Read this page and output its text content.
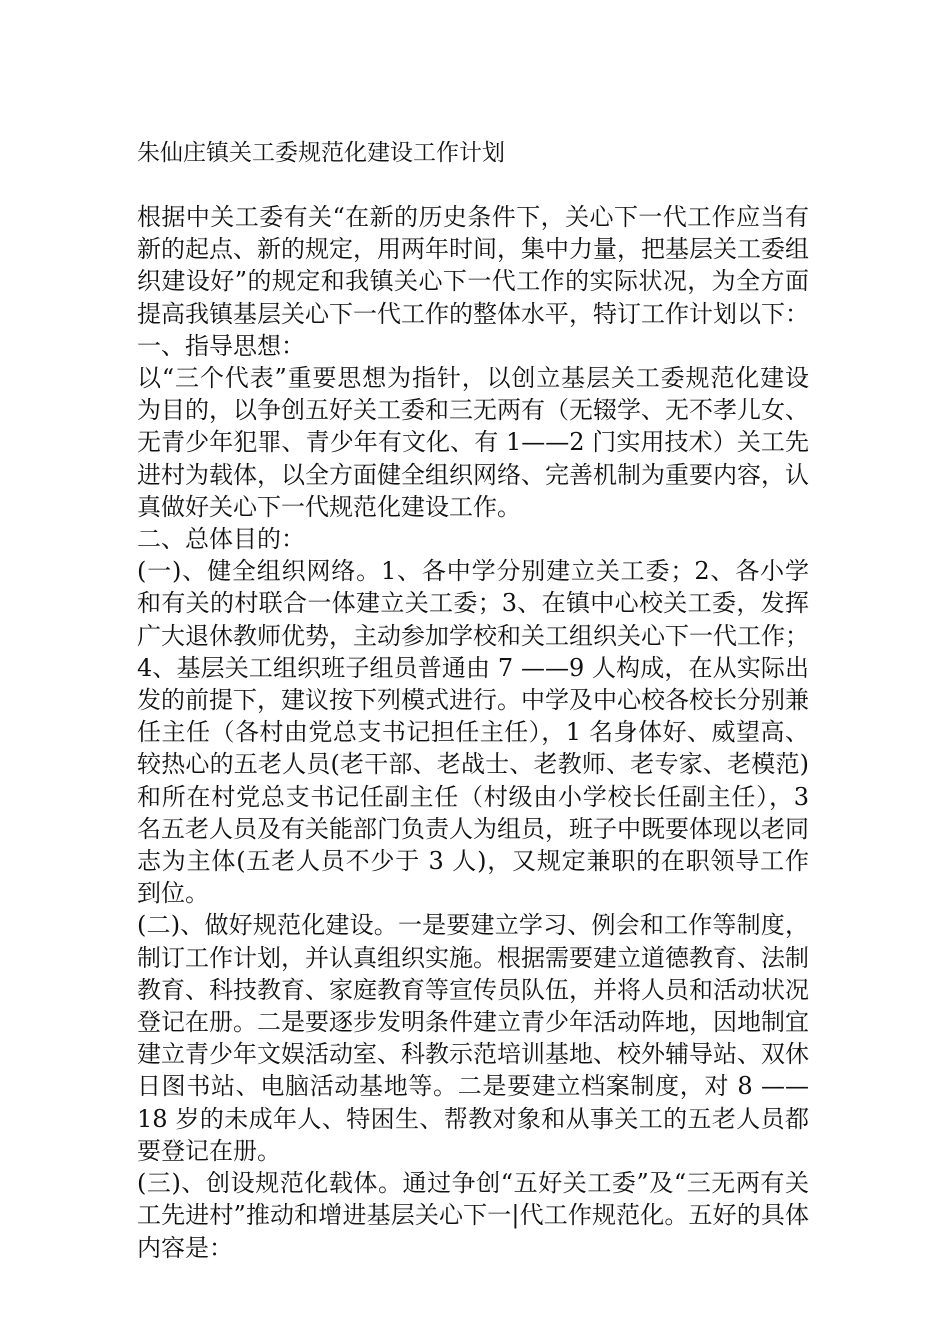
朱仙庄镇关工委规范化建设工作计划

根据中关工委有关“在新的历史条件下，关心下一代工作应当有新的起点、新的规定，用两年时间，集中力量，把基层关工委组织建设好”的规定和我镇关心下一代工作的实际状况，为全方面提高我镇基层关心下一代工作的整体水平，特订工作计划以下：

一、指导思想：

以“三个代表”重要思想为指针，以创立基层关工委规范化建设为目的，以争创五好关工委和三无两有（无辍学、无不孝儿女、无青少年犯罪、青少年有文化、有 1——2 门实用技术）关工先进村为载体，以全方面健全组织网络、完善机制为重要内容，认真做好关心下一代规范化建设工作。

二、总体目的：

(一)、健全组织网络。1、各中学分别建立关工委；2、各小学和有关的村联合一体建立关工委；3、在镇中心校关工委，发挥广大退休教师优势，主动参加学校和关工组织关心下一代工作；4、基层关工组织班子组员普通由 7 ——9 人构成，在从实际出发的前提下，建议按下列模式进行。中学及中心校各校长分别兼任主任（各村由党总支书记担任主任），1 名身体好、威望高、较热心的五老人员(老干部、老战士、老教师、老专家、老模范)和所在村党总支书记任副主任（村级由小学校长任副主任），3 名五老人员及有关能部门负责人为组员，班子中既要体现以老同志为主体(五老人员不少于 3 人)，又规定兼职的在职领导工作到位。

(二)、做好规范化建设。一是要建立学习、例会和工作等制度，制订工作计划，并认真组织实施。根据需要建立道德教育、法制教育、科技教育、家庭教育等宣传员队伍，并将人员和活动状况登记在册。二是要逐步发明条件建立青少年活动阵地，因地制宜建立青少年文娱活动室、科教示范培训基地、校外辅导站、双休日图书站、电脑活动基地等。二是要建立档案制度，对 8 —— 18 岁的未成年人、特困生、帮教对象和从事关工的五老人员都要登记在册。

(三)、创设规范化载体。通过争创“五好关工委”及“三无两有关工先进村”推动和增进基层关心下一|代工作规范化。五好的具体内容是：
